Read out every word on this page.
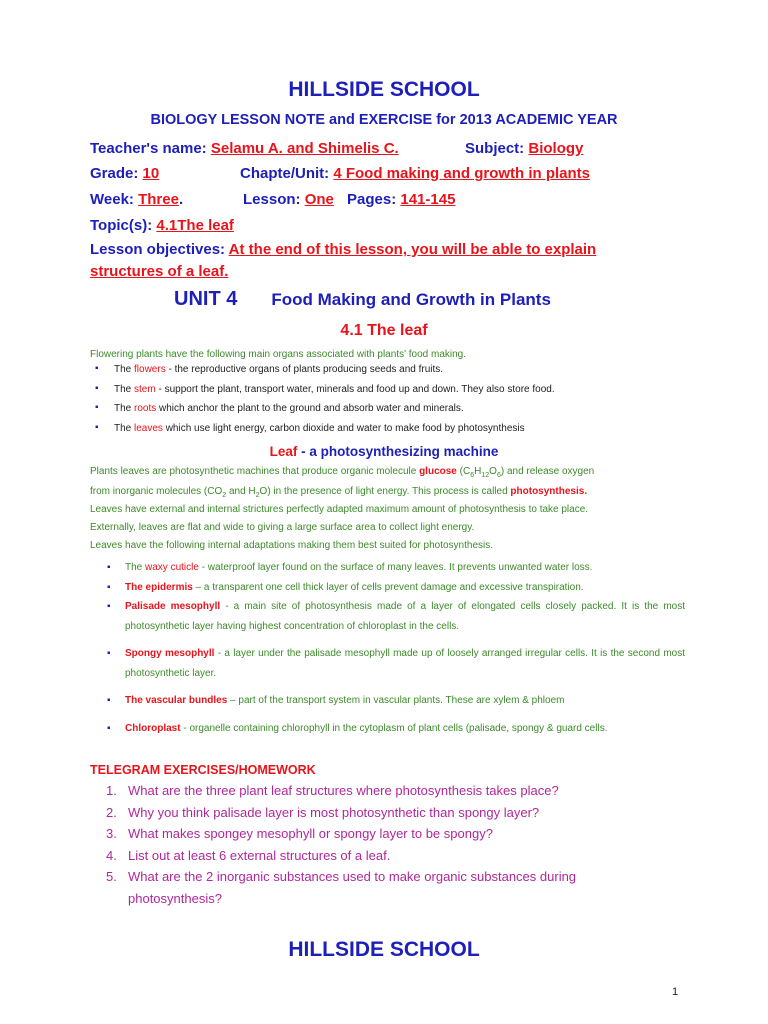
HILLSIDE SCHOOL
BIOLOGY LESSON NOTE and EXERCISE for 2013 ACADEMIC YEAR
Teacher's name: Selamu A. and Shimelis C.	Subject: Biology
Grade: 10	Chapte/Unit: 4 Food making and growth in plants
Week: Three.	Lesson: One Pages: 141-145
Topic(s): 4.1The leaf
Lesson objectives: At the end of this lesson, you will be able to explain
structures of a leaf.
UNIT 4 Food Making and Growth in Plants
4.1 The leaf
Flowering plants have the following main organs associated with plants' food making.
▪ The flowers - the reproductive organs of plants producing seeds and fruits.
▪ The stem - support the plant, transport water, minerals and food up and down. They also store food.
▪ The roots which anchor the plant to the ground and absorb water and minerals.
▪ The leaves which use light energy, carbon dioxide and water to make food by photosynthesis
Leaf - a photosynthesizing machine
Plants leaves are photosynthetic machines that produce organic molecule glucose $(C_6H_{12}O_6)$ and release oxygen
from inorganic molecules ($CO_2$ and $H_2O$) in the presence of light energy. This process is called photosynthesis.
Leaves have external and internal strictures perfectly adapted maximum amount of photosynthesis to take place.
Externally, leaves are flat and wide to giving a large surface area to collect light energy.
Leaves have the following internal adaptations making them best suited for photosynthesis.
▪ The waxy cuticle - waterproof layer found on the surface of many leaves. It prevents unwanted water loss.
▪ The epidermis – a transparent one cell thick layer of cells prevent damage and excessive transpiration.
▪ Palisade mesophyll - a main site of photosynthesis made of a layer of elongated cells closely packed. It is the most photosynthetic layer having highest concentration of chloroplast in the cells.
▪ Spongy mesophyll - a layer under the palisade mesophyll made up of loosely arranged irregular cells. It is the second most photosynthetic layer.
▪ The vascular bundles – part of the transport system in vascular plants. These are xylem & phloem
▪ Chloroplast - organelle containing chlorophyll in the cytoplasm of plant cells (palisade, spongy & guard cells.
TELEGRAM EXERCISES/HOMEWORK
1. What are the three plant leaf structures where photosynthesis takes place?
2. Why you think palisade layer is most photosynthetic than spongy layer?
3. What makes spongey mesophyll or spongy layer to be spongy?
4. List out at least 6 external structures of a leaf.
5. What are the 2 inorganic substances used to make organic substances during photosynthesis?
HILLSIDE SCHOOL
1
